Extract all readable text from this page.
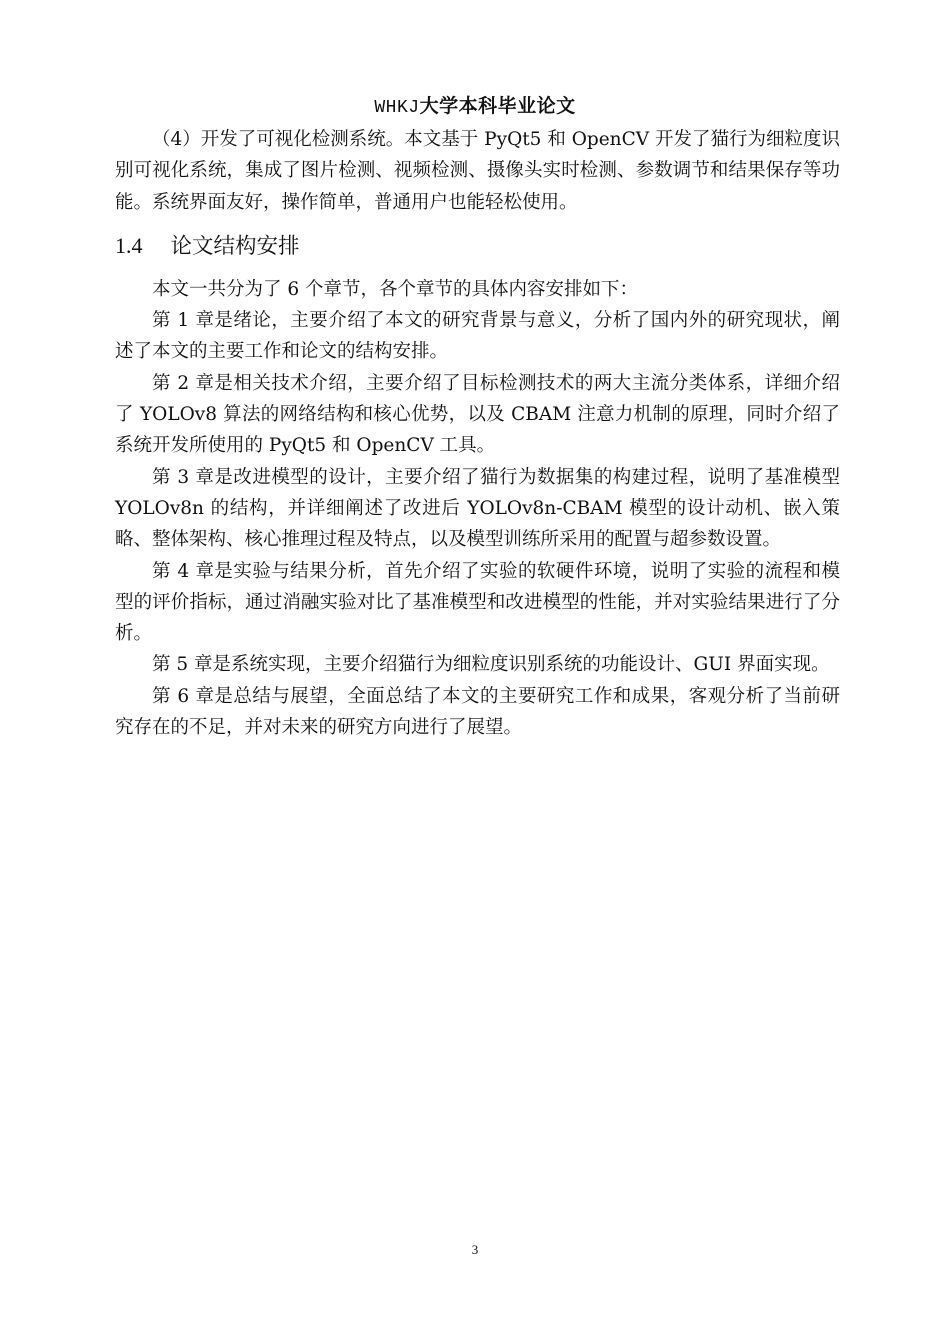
WHKJ大学本科毕业论文

（4）开发了可视化检测系统。本文基于 PyQt5 和 OpenCV 开发了猫行为细粒度识别可视化系统，集成了图片检测、视频检测、摄像头实时检测、参数调节和结果保存等功能。系统界面友好，操作简单，普通用户也能轻松使用。

1.4 论文结构安排

本文一共分为了 6 个章节，各个章节的具体内容安排如下：

第 1 章是绪论，主要介绍了本文的研究背景与意义，分析了国内外的研究现状，阐述了本文的主要工作和论文的结构安排。

第 2 章是相关技术介绍，主要介绍了目标检测技术的两大主流分类体系，详细介绍了 YOLOv8 算法的网络结构和核心优势，以及 CBAM 注意力机制的原理，同时介绍了系统开发所使用的 PyQt5 和 OpenCV 工具。

第 3 章是改进模型的设计，主要介绍了猫行为数据集的构建过程，说明了基准模型 YOLOv8n 的结构，并详细阐述了改进后 YOLOv8n-CBAM 模型的设计动机、嵌入策略、整体架构、核心推理过程及特点，以及模型训练所采用的配置与超参数设置。

第 4 章是实验与结果分析，首先介绍了实验的软硬件环境，说明了实验的流程和模型的评价指标，通过消融实验对比了基准模型和改进模型的性能，并对实验结果进行了分析。

第 5 章是系统实现，主要介绍猫行为细粒度识别系统的功能设计、GUI 界面实现。

第 6 章是总结与展望，全面总结了本文的主要研究工作和成果，客观分析了当前研究存在的不足，并对未来的研究方向进行了展望。

3
